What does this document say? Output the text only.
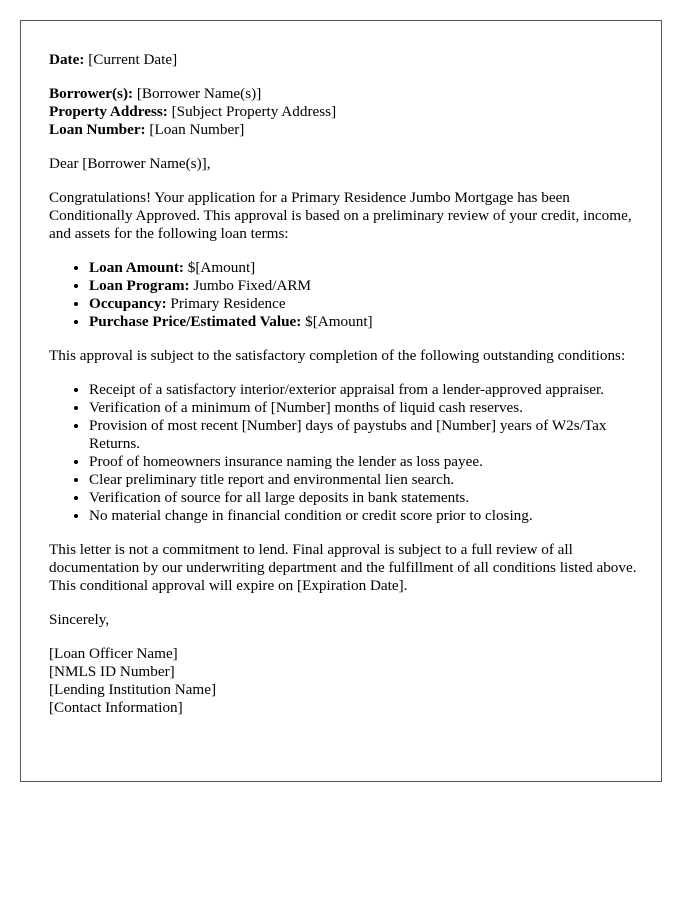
Date: [Current Date]
Borrower(s): [Borrower Name(s)]
Property Address: [Subject Property Address]
Loan Number: [Loan Number]

Dear [Borrower Name(s)],

Congratulations! Your application for a Primary Residence Jumbo Mortgage has been Conditionally Approved. This approval is based on a preliminary review of your credit, income, and assets for the following loan terms:

• Loan Amount: $[Amount]
• Loan Program: Jumbo Fixed/ARM
• Occupancy: Primary Residence
• Purchase Price/Estimated Value: $[Amount]

This approval is subject to the satisfactory completion of the following outstanding conditions:

• Receipt of a satisfactory interior/exterior appraisal from a lender-approved appraiser.
• Verification of a minimum of [Number] months of liquid cash reserves.
• Provision of most recent [Number] days of paystubs and [Number] years of W2s/Tax Returns.
• Proof of homeowners insurance naming the lender as loss payee.
• Clear preliminary title report and environmental lien search.
• Verification of source for all large deposits in bank statements.
• No material change in financial condition or credit score prior to closing.

This letter is not a commitment to lend. Final approval is subject to a full review of all documentation by our underwriting department and the fulfillment of all conditions listed above. This conditional approval will expire on [Expiration Date].

Sincerely,

[Loan Officer Name]
[NMLS ID Number]
[Lending Institution Name]
[Contact Information]
